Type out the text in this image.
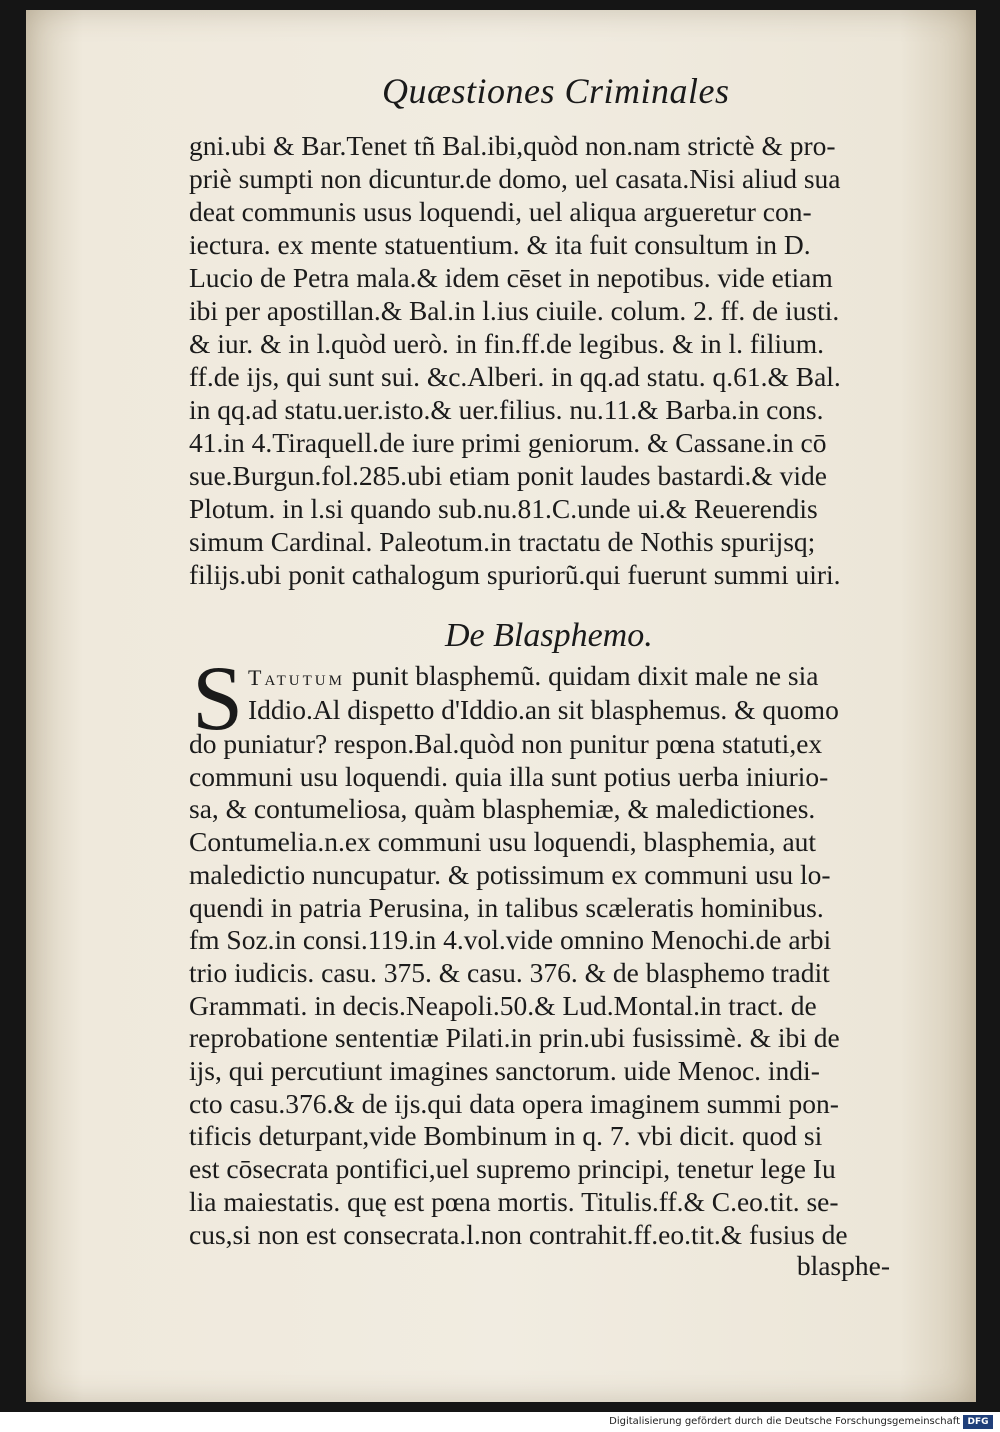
Quæstiones Criminales
gni.ubi & Bar.Tenet tñ Bal.ibi,quòd non.nam strictè & pro-
priè sumpti non dicuntur.de domo, uel casata.Nisi aliud sua
deat communis usus loquendi, uel aliqua argueretur con-
iectura. ex mente statuentium. & ita fuit consultum in D.
Lucio de Petra mala.& idem cēset in nepotibus. vide etiam
ibi per apostillan.& Bal.in l.ius ciuile. colum. 2. ff. de iusti.
& iur. & in l.quòd uerò. in fin.ff.de legibus. & in l. filium.
ff.de ijs, qui sunt sui. &c.Alberi. in qq.ad statu. q.61.& Bal.
in qq.ad statu.uer.isto.& uer.filius. nu.11.& Barba.in cons.
41.in 4.Tiraquell.de iure primi geniorum. & Cassane.in cō
sue.Burgun.fol.285.ubi etiam ponit laudes bastardi.& vide
Plotum. in l.si quando sub.nu.81.C.unde ui.& Reuerendis
simum Cardinal. Paleotum.in tractatu de Nothis spurijsq;
filijs.ubi ponit cathalogum spuriorũ.qui fuerunt summi uiri.
De Blasphemo.
S Tatutum punit blasphemũ. quidam dixit male ne sia
Iddio.Al dispetto d'Iddio.an sit blasphemus. & quomo
do puniatur? respon.Bal.quòd non punitur pœna statuti,ex
communi usu loquendi. quia illa sunt potius uerba iniurio-
sa, & contumeliosa, quàm blasphemiæ, & maledictiones.
Contumelia.n.ex communi usu loquendi, blasphemia, aut
maledictio nuncupatur. & potissimum ex communi usu lo-
quendi in patria Perusina, in talibus scæleratis hominibus.
fm Soz.in consi.119.in 4.vol.vide omnino Menochi.de arbi
trio iudicis. casu. 375. & casu. 376. & de blasphemo tradit
Grammati. in decis.Neapoli.50.& Lud.Montal.in tract. de
reprobatione sententiæ Pilati.in prin.ubi fusissimè. & ibi de
ijs, qui percutiunt imagines sanctorum. uide Menoc. indi-
cto casu.376.& de ijs.qui data opera imaginem summi pon-
tificis deturpant,vide Bombinum in q. 7. vbi dicit. quod si
est cōsecrata pontifici,uel supremo principi, tenetur lege Iu
lia maiestatis. quę est pœna mortis. Titulis.ff.& C.eo.tit. se-
cus,si non est consecrata.l.non contrahit.ff.eo.tit.& fusius de
blasphe-
Digitalisierung gefördert durch die Deutsche Forschungsgemeinschaft DFG
